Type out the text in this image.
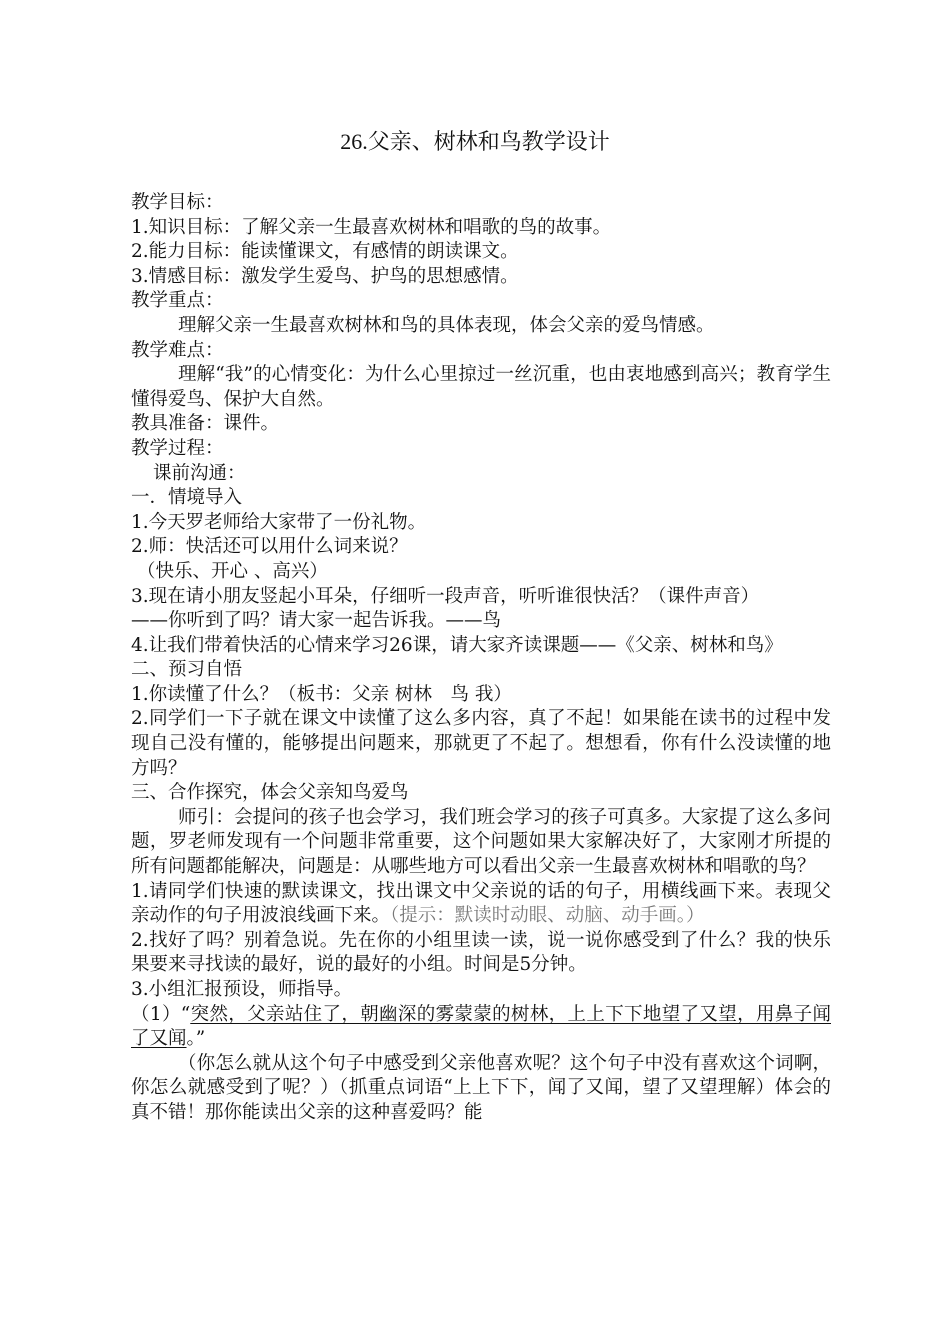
26.父亲、树林和鸟教学设计

教学目标：

1.知识目标：了解父亲一生最喜欢树林和唱歌的鸟的故事。

2.能力目标：能读懂课文，有感情的朗读课文。

3.情感目标：激发学生爱鸟、护鸟的思想感情。

教学重点：

理解父亲一生最喜欢树林和鸟的具体表现，体会父亲的爱鸟情感。

教学难点：

理解“我”的心情变化：为什么心里掠过一丝沉重，也由衷地感到高兴；教育学生懂得爱鸟、保护大自然。

教具准备：课件。

教学过程：

课前沟通：

一．情境导入

1.今天罗老师给大家带了一份礼物。

2.师：快活还可以用什么词来说？

（快乐、开心 、高兴）

3.现在请小朋友竖起小耳朵，仔细听一段声音，听听谁很快活？（课件声音）

——你听到了吗？请大家一起告诉我。——鸟

4.让我们带着快活的心情来学习26课，请大家齐读课题——《父亲、树林和鸟》

二、预习自悟

1.你读懂了什么？（板书：父亲 树林　鸟 我）

2.同学们一下子就在课文中读懂了这么多内容，真了不起！如果能在读书的过程中发现自己没有懂的，能够提出问题来，那就更了不起了。想想看，你有什么没读懂的地方吗？

三、合作探究，体会父亲知鸟爱鸟

师引：会提问的孩子也会学习，我们班会学习的孩子可真多。大家提了这么多问题，罗老师发现有一个问题非常重要，这个问题如果大家解决好了，大家刚才所提的所有问题都能解决，问题是：从哪些地方可以看出父亲一生最喜欢树林和唱歌的鸟？

1.请同学们快速的默读课文，找出课文中父亲说的话的句子，用横线画下来。表现父亲动作的句子用波浪线画下来。（提示：默读时动眼、动脑、动手画。）

2.找好了吗？别着急说。先在你的小组里读一读，说一说你感受到了什么？我的快乐果要来寻找读的最好，说的最好的小组。时间是5分钟。

3.小组汇报预设，师指导。

（1）“突然，父亲站住了，朝幽深的雾蒙蒙的树林，上上下下地望了又望，用鼻子闻了又闻。”

（你怎么就从这个句子中感受到父亲他喜欢呢？这个句子中没有喜欢这个词啊，你怎么就感受到了呢？）（抓重点词语“上上下下，闻了又闻，望了又望理解）体会的真不错！那你能读出父亲的这种喜爱吗？能
